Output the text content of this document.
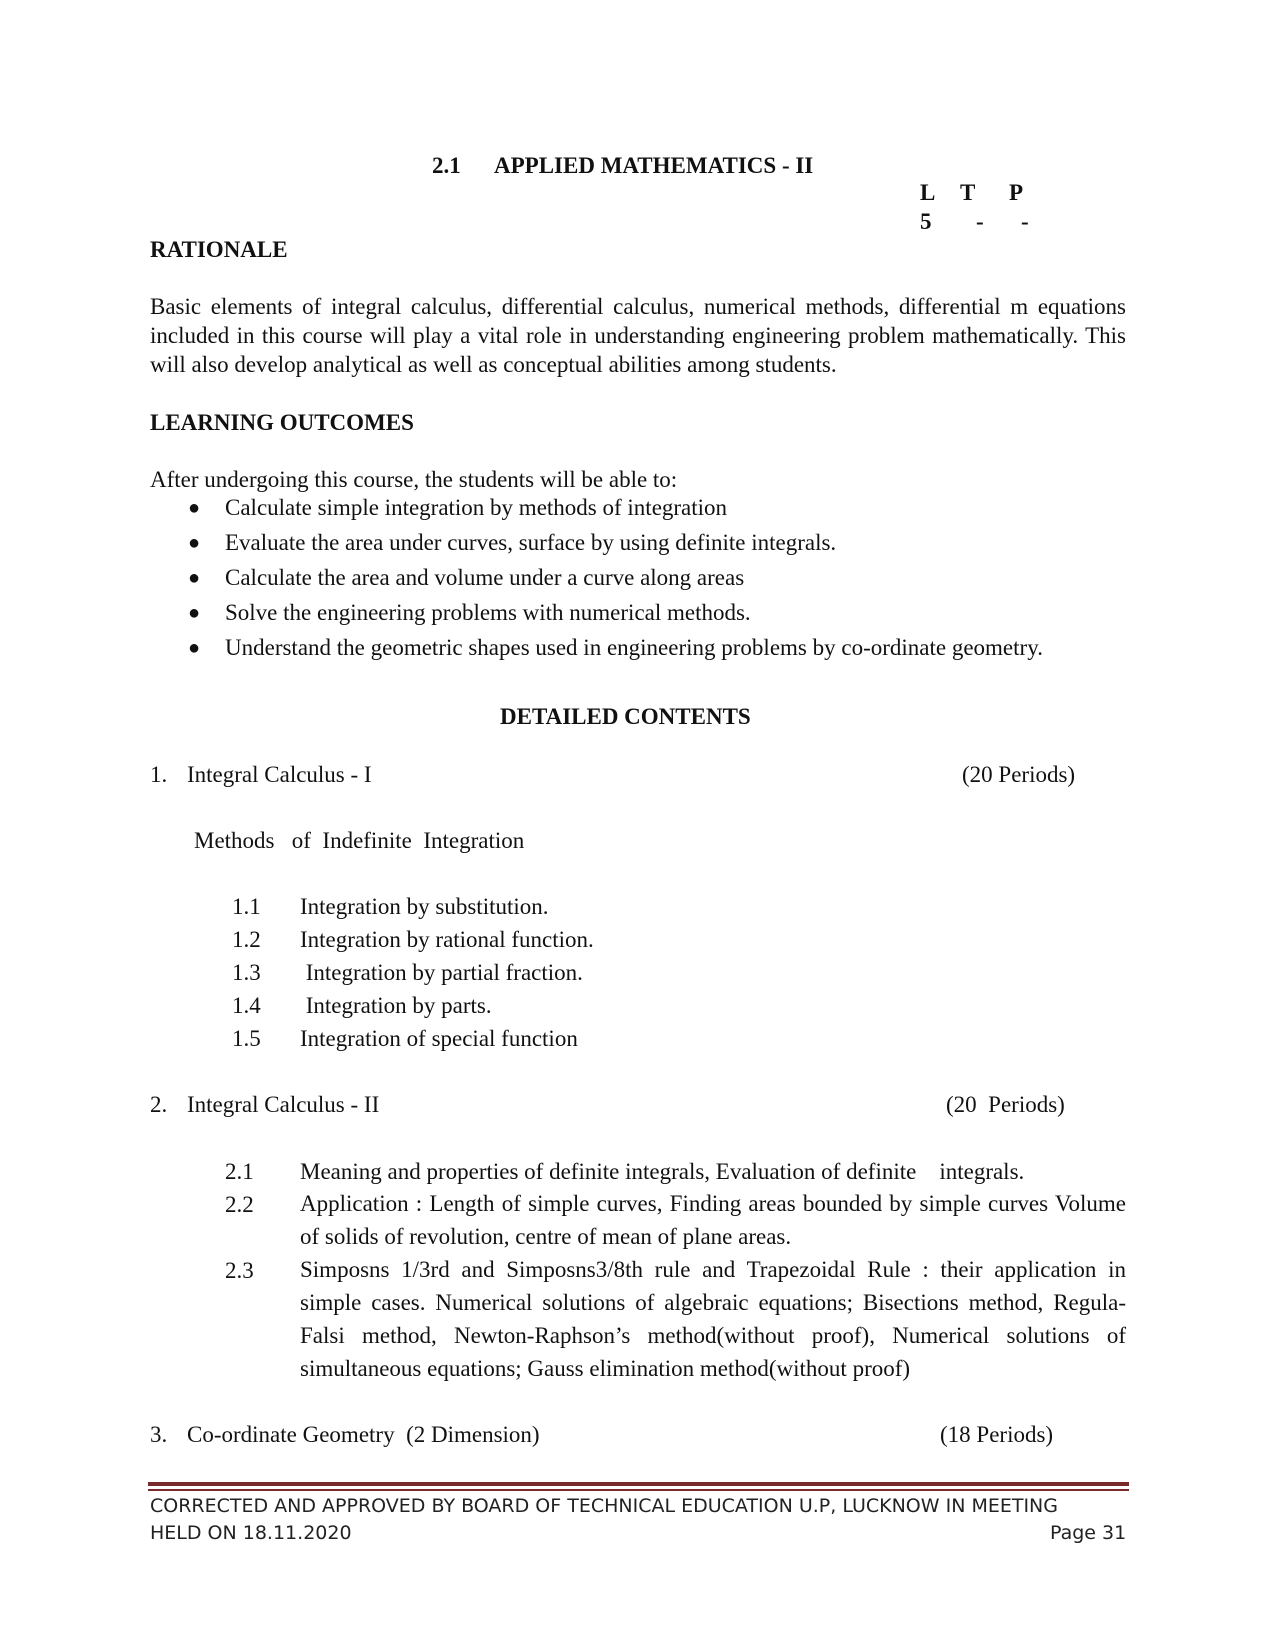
2.1 APPLIED MATHEMATICS - II
L T P
5 - -
RATIONALE
Basic elements of integral calculus, differential calculus, numerical methods, differential m equations included in this course will play a vital role in understanding engineering problem mathematically. This will also develop analytical as well as conceptual abilities among students.
LEARNING OUTCOMES
After undergoing this course, the students will be able to:
● Calculate simple integration by methods of integration
● Evaluate the area under curves, surface by using definite integrals.
● Calculate the area and volume under a curve along areas
● Solve the engineering problems with numerical methods.
● Understand the geometric shapes used in engineering problems by co-ordinate geometry.
DETAILED CONTENTS
1. Integral Calculus - I	(20 Periods)
Methods   of  Indefinite  Integration
1.1 Integration by substitution.
1.2 Integration by rational function.
1.3 Integration by partial fraction.
1.4 Integration by parts.
1.5 Integration of special function
2. Integral Calculus - II	(20  Periods)
2.1 Meaning and properties of definite integrals, Evaluation of definite    integrals.
2.2 Application : Length of simple curves, Finding areas bounded by simple curves Volume of solids of revolution, centre of mean of plane areas.
2.3 Simposns 1/3rd and Simposns3/8th rule and Trapezoidal Rule : their application in simple cases. Numerical solutions of algebraic equations; Bisections method, Regula-Falsi method, Newton-Raphson’s method(without proof), Numerical solutions of simultaneous equations; Gauss elimination method(without proof)
3. Co-ordinate Geometry  (2 Dimension)	(18 Periods)
CORRECTED AND APPROVED BY BOARD OF TECHNICAL EDUCATION U.P, LUCKNOW IN MEETING
HELD ON 18.11.2020	Page 31
